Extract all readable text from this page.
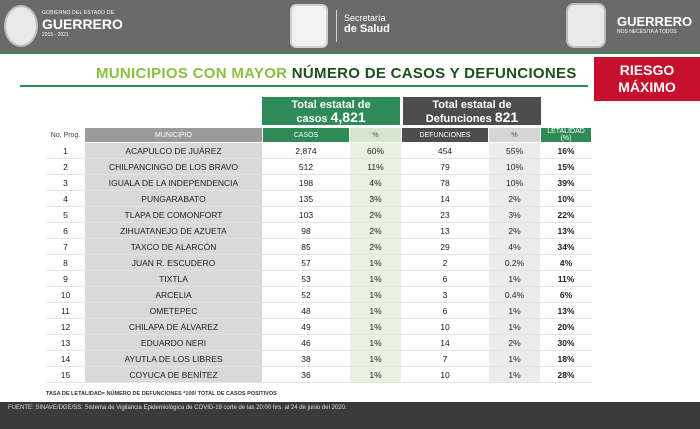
GOBIERNO DEL ESTADO DE
GUERRERO
2015 - 2021
Secretaría
de Salud	GUERRERO
NOS NECESITA A TODOS
MUNICIPIOS CON MAYOR NÚMERO DE CASOS Y DEFUNCIONES	RIESGO
MÁXIMO
Total estatal de
casos 4,821
Total estatal de
Defunciones 821
No. Prog.	MUNICIPIO	CASOS	%	DEFUNCIONES	%	LETALIDAD (%)
1	ACAPULCO DE JUÁREZ	2,874	60%	454	55%	16%
2	CHILPANCINGO DE LOS BRAVO	512	11%	79	10%	15%
3	IGUALA DE LA INDEPENDENCIA	198	4%	78	10%	39%
4	PUNGARABATO	135	3%	14	2%	10%
5	TLAPA DE COMONFORT	103	2%	23	3%	22%
6	ZIHUATANEJO DE AZUETA	98	2%	13	2%	13%
7	TAXCO DE ALARCÓN	85	2%	29	4%	34%
8	JUAN R. ESCUDERO	57	1%	2	0.2%	4%
9	TIXTLA	53	1%	6	1%	11%
10	ARCELIA	52	1%	3	0.4%	6%
11	OMETEPEC	48	1%	6	1%	13%
12	CHILAPA DE ÁLVAREZ	49	1%	10	1%	20%
13	EDUARDO NERI	46	1%	14	2%	30%
14	AYUTLA DE LOS LIBRES	38	1%	7	1%	18%
15	COYUCA DE BENÍTEZ	36	1%	10	1%	28%
TASA DE LETALIDAD= NÚMERO DE DEFUNCIONES *100/ TOTAL DE CASOS POSITIVOS
FUENTE: SINAVE/DGE/SS: Sistema de Vigilancia Epidemiológica de COVID-19 corte de las 20:00 hrs. al 24 de junio del 2020.
